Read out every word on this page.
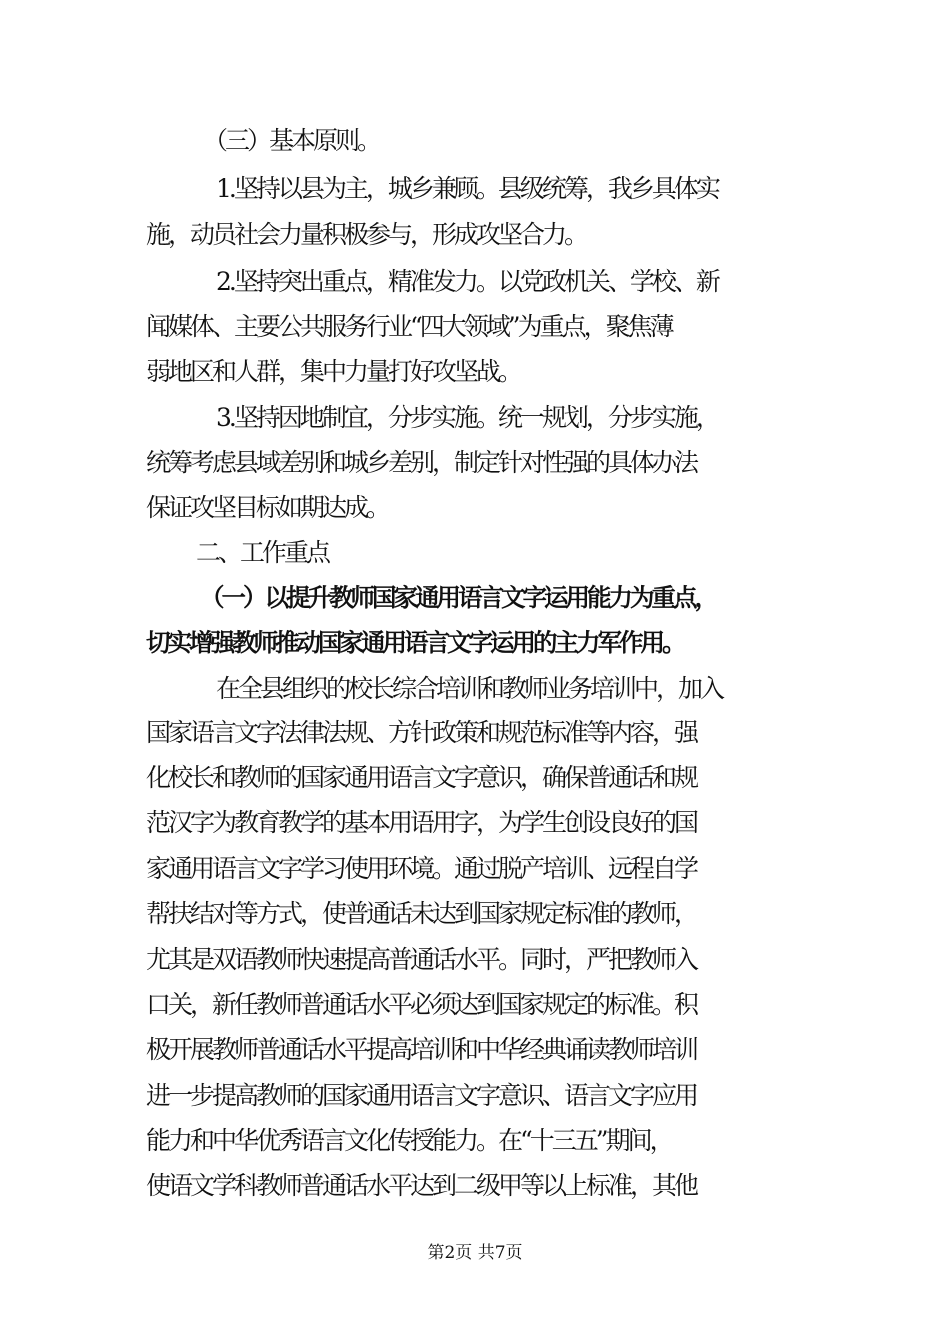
（三）基本原则。

1.坚持以县为主，城乡兼顾。县级统筹，我乡具体实

施，动员社会力量积极参与，形成攻坚合力。

2.坚持突出重点，精准发力。以党政机关、学校、新

闻媒体、主要公共服务行业“四大领域”为重点，聚焦薄

弱地区和人群，集中力量打好攻坚战。

3.坚持因地制宜，分步实施。统一规划，分步实施，

统筹考虑县域差别和城乡差别，制定针对性强的具体办法

保证攻坚目标如期达成。

二、工作重点

（一）以提升教师国家通用语言文字运用能力为重点，

切实增强教师推动国家通用语言文字运用的主力军作用。

在全县组织的校长综合培训和教师业务培训中，加入

国家语言文字法律法规、方针政策和规范标准等内容，强

化校长和教师的国家通用语言文字意识，确保普通话和规

范汉字为教育教学的基本用语用字，为学生创设良好的国

家通用语言文字学习使用环境。通过脱产培训、远程自学

帮扶结对等方式，使普通话未达到国家规定标准的教师，

尤其是双语教师快速提高普通话水平。同时，严把教师入

口关，新任教师普通话水平必须达到国家规定的标准。积

极开展教师普通话水平提高培训和中华经典诵读教师培训

进一步提高教师的国家通用语言文字意识、语言文字应用

能力和中华优秀语言文化传授能力。在“十三五”期间，

使语文学科教师普通话水平达到二级甲等以上标准，其他

第2页 共7页
